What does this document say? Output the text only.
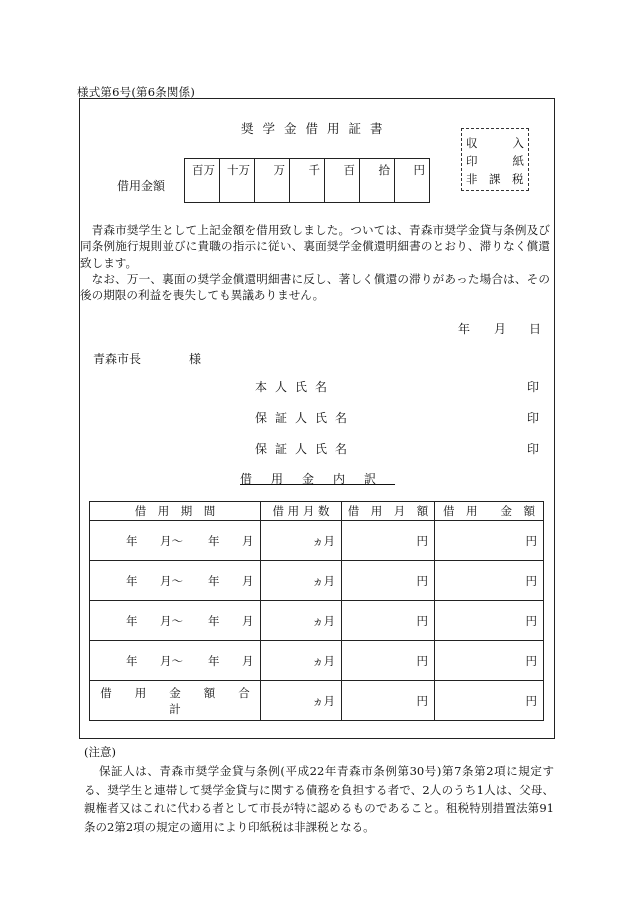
様式第6号(第6条関係)
奨学金借用証書
収	入
印	紙
非　課　税
借用金額
百万	十万	万	千	百	拾	円
青森市奨学生として上記金額を借用致しました。ついては、青森市奨学金貸与条例及び同条例施行規則並びに貴職の指示に従い、裏面奨学金償還明細書のとおり、滞りなく償還致します。
なお、万一、裏面の奨学金償還明細書に反し、著しく償還の滞りがあった場合は、その後の期限の利益を喪失しても異議ありません。
年 月 日
青森市長	様
本人氏名	印
保証人氏名	印
保証人氏名	印
借用金内訳
借　用　期　間	借 用 月 数	借　用　月　額	借　用　　金　額

年 月〜 年 月	ヵ月	円	円

年 月〜 年 月	ヵ月	円	円

年 月〜 年 月	ヵ月	円	円

年 月〜 年 月	ヵ月	円	円
借　　用　　金　　額　　合　　計	ヵ月	円	円
(注意)
保証人は、青森市奨学金貸与条例(平成22年青森市条例第30号)第7条第2項に規定する、奨学生と連帯して奨学金貸与に関する債務を負担する者で、2人のうち1人は、父母、親権者又はこれに代わる者として市長が特に認めるものであること。租税特別措置法第91条の2第2項の規定の適用により印紙税は非課税となる。
